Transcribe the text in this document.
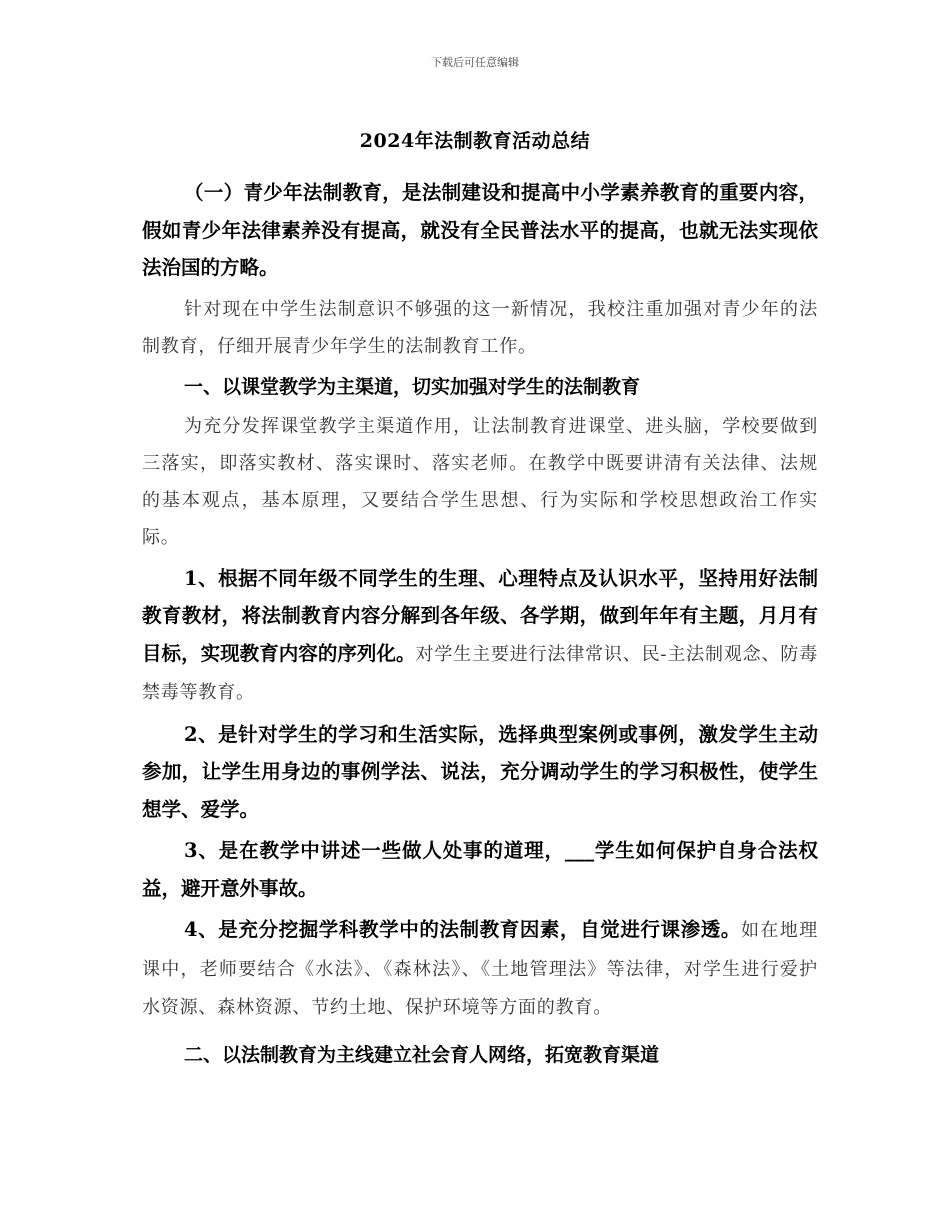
下载后可任意编辑
2024年法制教育活动总结

（一）青少年法制教育，是法制建设和提高中小学素养教育的重要内容，假如青少年法律素养没有提高，就没有全民普法水平的提高，也就无法实现依法治国的方略。

针对现在中学生法制意识不够强的这一新情况，我校注重加强对青少年的法制教育，仔细开展青少年学生的法制教育工作。

一、以课堂教学为主渠道，切实加强对学生的法制教育

为充分发挥课堂教学主渠道作用，让法制教育进课堂、进头脑，学校要做到三落实，即落实教材、落实课时、落实老师。在教学中既要讲清有关法律、法规的基本观点，基本原理，又要结合学生思想、行为实际和学校思想政治工作实际。

1、根据不同年级不同学生的生理、心理特点及认识水平，坚持用好法制教育教材，将法制教育内容分解到各年级、各学期，做到年年有主题，月月有目标，实现教育内容的序列化。对学生主要进行法律常识、民-主法制观念、防毒禁毒等教育。

2、是针对学生的学习和生活实际，选择典型案例或事例，激发学生主动参加，让学生用身边的事例学法、说法，充分调动学生的学习积极性，使学生想学、爱学。

3、是在教学中讲述一些做人处事的道理，___学生如何保护自身合法权益，避开意外事故。

4、是充分挖掘学科教学中的法制教育因素，自觉进行课渗透。如在地理课中，老师要结合《水法》、《森林法》、《土地管理法》等法律，对学生进行爱护水资源、森林资源、节约土地、保护环境等方面的教育。

二、以法制教育为主线建立社会育人网络，拓宽教育渠道
